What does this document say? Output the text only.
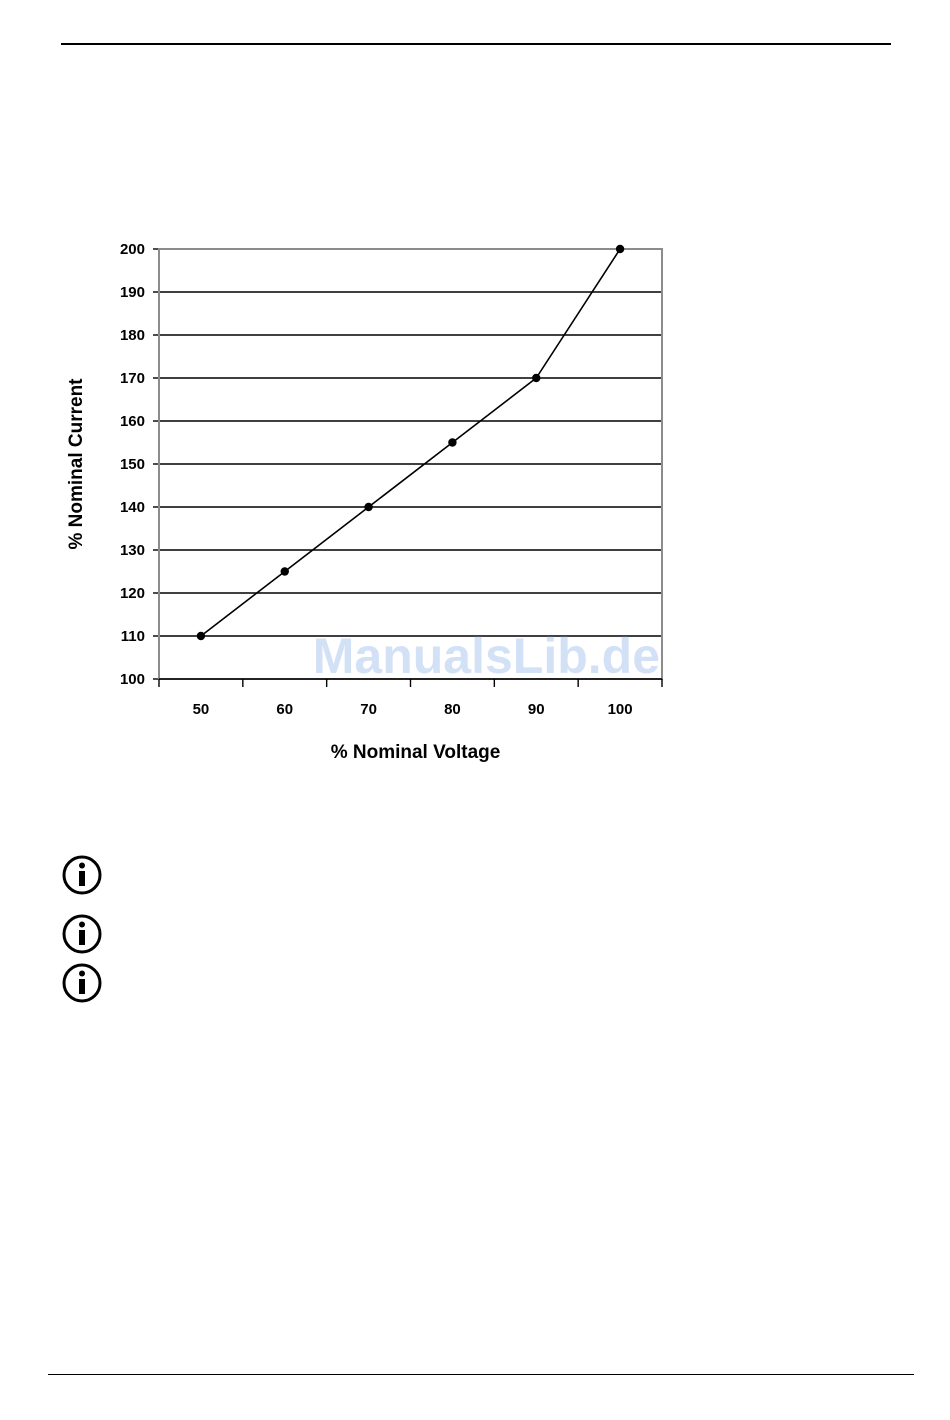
ManualsLib.de
100
110
120
130
140
150
160
170
180
190
200
50	60	70	80	90	100
% Nominal Voltage
% Nominal Current
